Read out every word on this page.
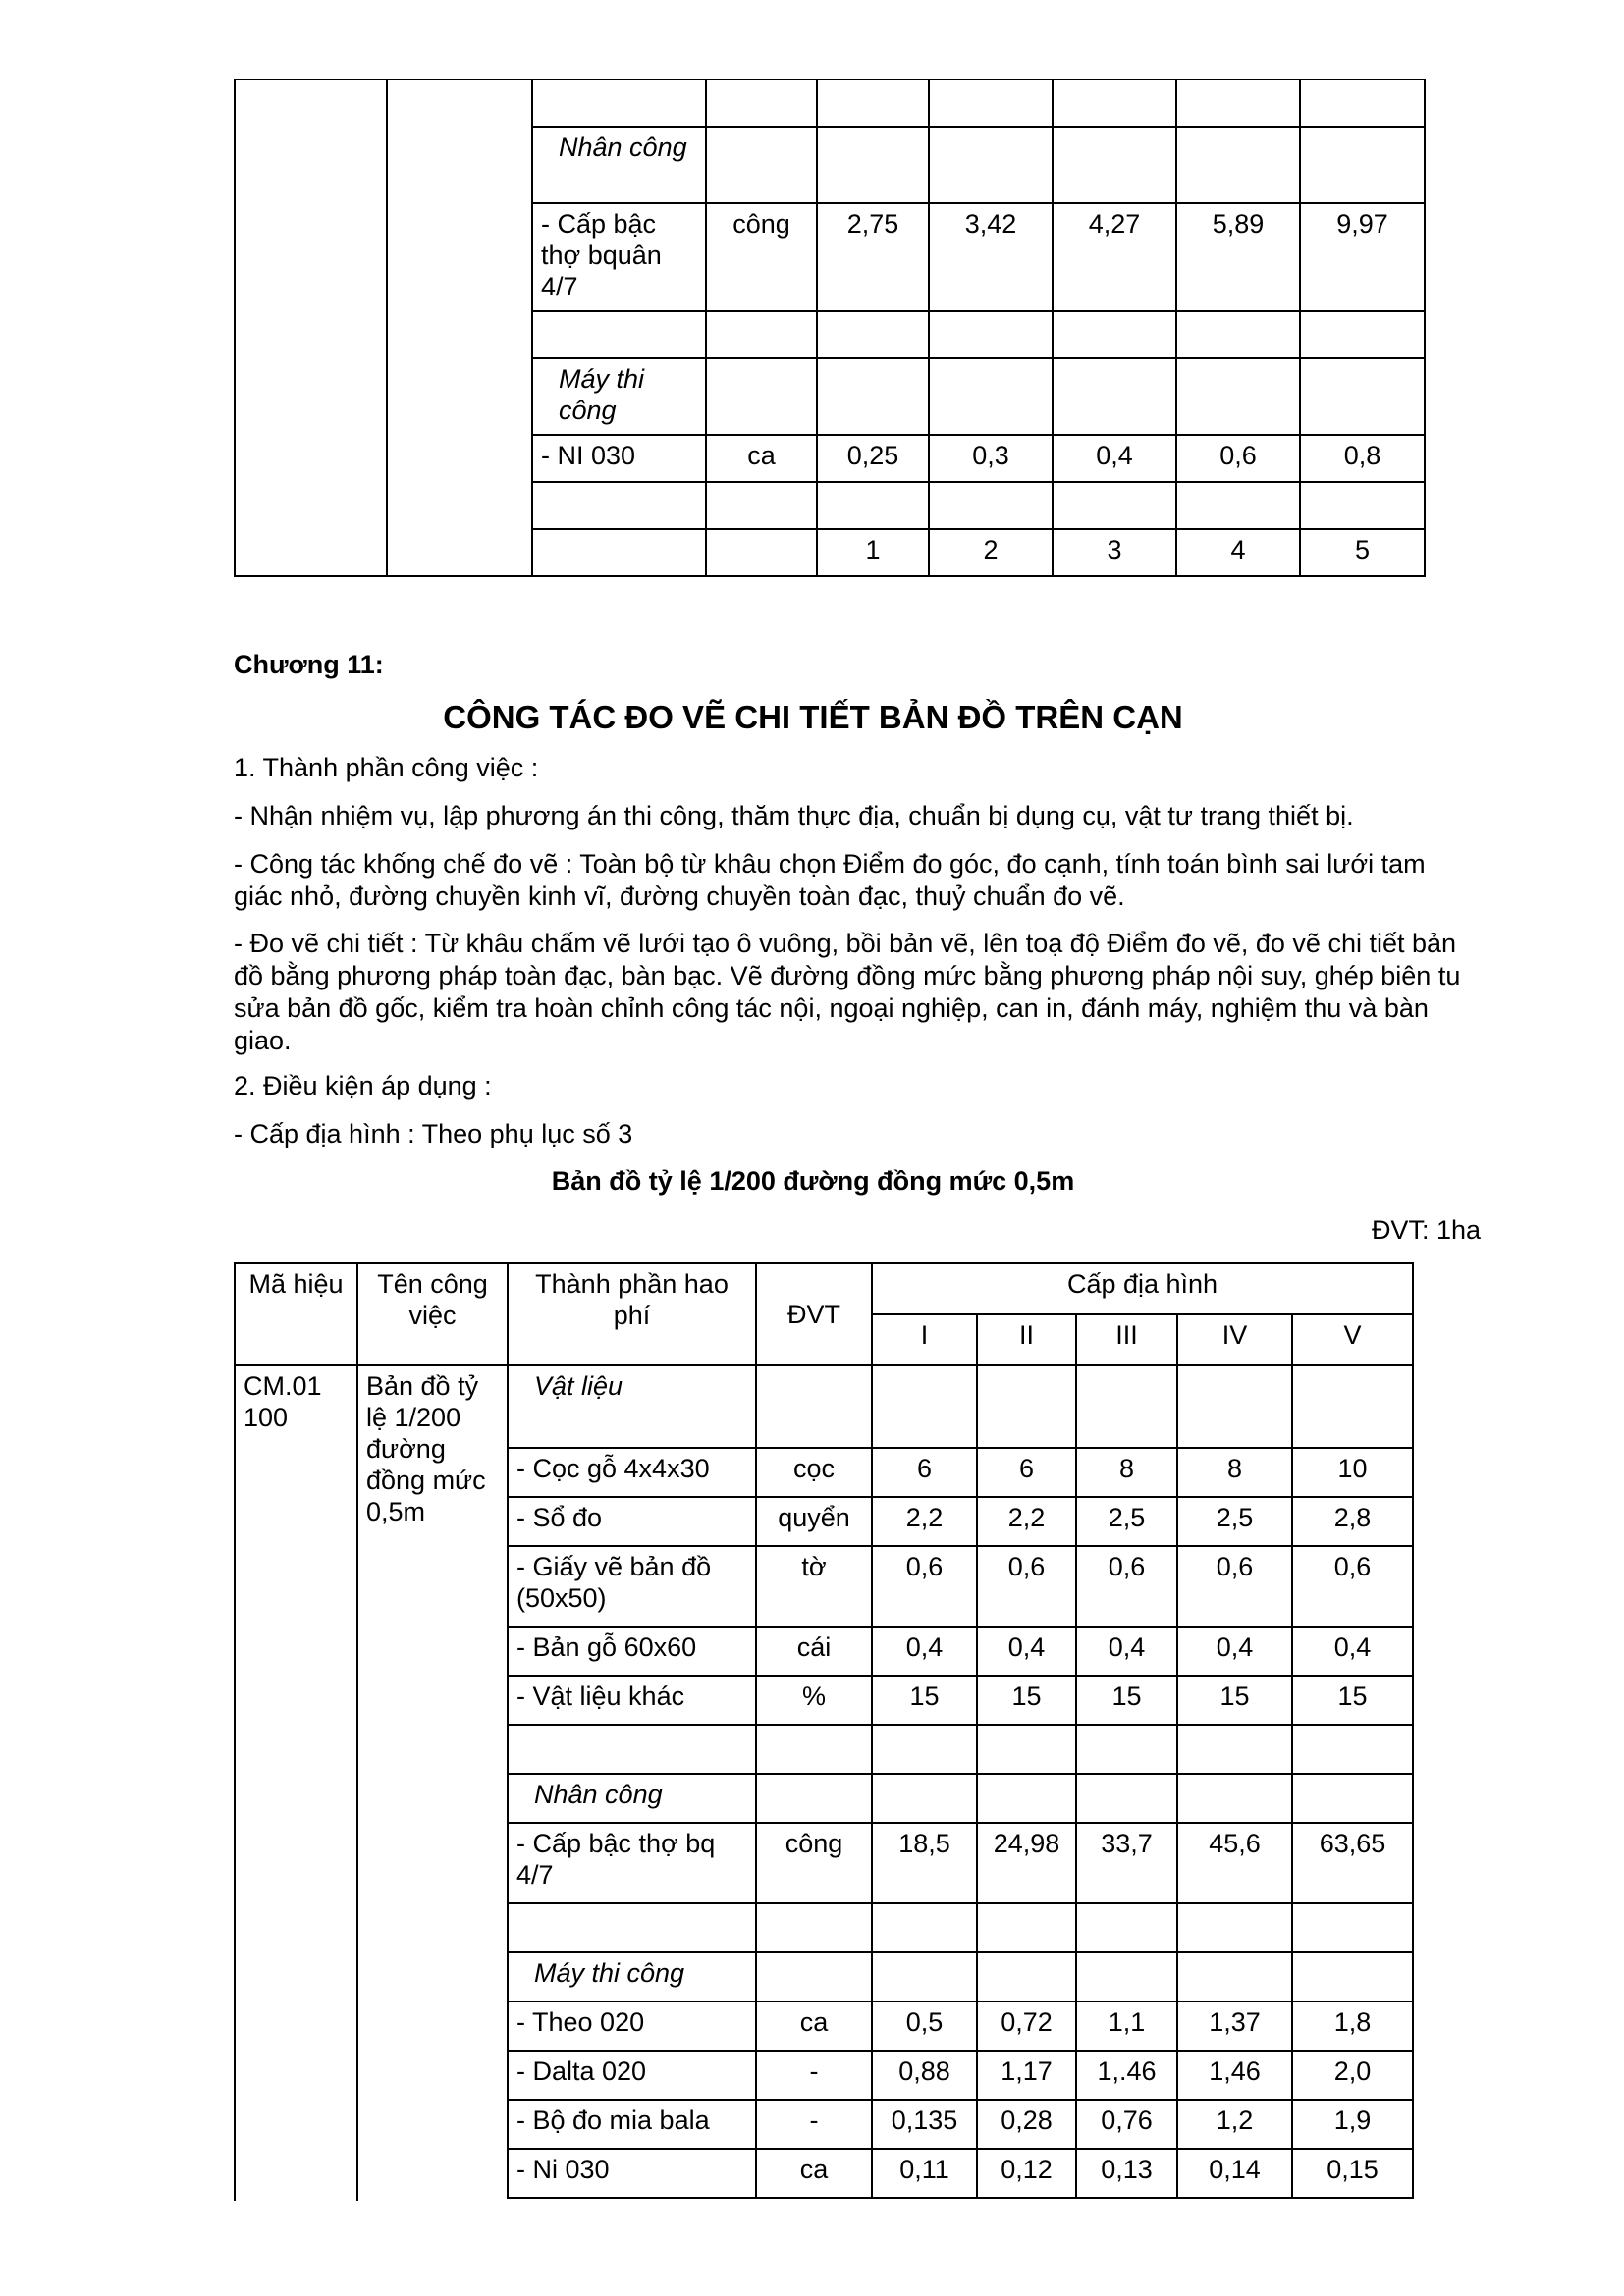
		Nhân công						
		- Cấp bậc thợ bquân 4/7	công	2,75	3,42	4,27	5,89	9,97

		Máy thi công						
		- NI 030	ca	0,25	0,3	0,4	0,6	0,8

				1	2	3	4	5
Chương 11:
CÔNG TÁC ĐO VẼ CHI TIẾT BẢN ĐỒ TRÊN CẠN
1. Thành phần công việc :
- Nhận nhiệm vụ, lập phương án thi công, thăm thực địa, chuẩn bị dụng cụ, vật tư trang thiết bị.
- Công tác khống chế đo vẽ : Toàn bộ từ khâu chọn Điểm đo góc, đo cạnh, tính toán bình sai lưới tam giác nhỏ, đường chuyền kinh vĩ, đường chuyền toàn đạc, thuỷ chuẩn đo vẽ.
- Đo vẽ chi tiết : Từ khâu chấm vẽ lưới tạo ô vuông, bồi bản vẽ, lên toạ độ Điểm đo vẽ, đo vẽ chi tiết bản đồ bằng phương pháp toàn đạc, bàn bạc. Vẽ đường đồng mức bằng phương pháp nội suy, ghép biên tu sửa bản đồ gốc, kiểm tra hoàn chỉnh công tác nội, ngoại nghiệp, can in, đánh máy, nghiệm thu và bàn giao.
2. Điều kiện áp dụng :
- Cấp địa hình : Theo phụ lục số 3
Bản đồ tỷ lệ 1/200 đường đồng mức 0,5m
ĐVT: 1ha
Mã hiệu	Tên công việc	Thành phần hao phí	ĐVT	Cấp địa hình				
				I	II	III	IV	V
CM.01 100	Bản đồ tỷ lệ 1/200 đường đồng mức 0,5m	Vật liệu						
		- Cọc gỗ 4x4x30	cọc	6	6	8	8	10
		- Sổ đo	quyển	2,2	2,2	2,5	2,5	2,8
		- Giấy vẽ bản đồ (50x50)	tờ	0,6	0,6	0,6	0,6	0,6
		- Bản gỗ 60x60	cái	0,4	0,4	0,4	0,4	0,4
		- Vật liệu khác	%	15	15	15	15	15

		Nhân công						
		- Cấp bậc thợ bq 4/7	công	18,5	24,98	33,7	45,6	63,65

		Máy thi công						
		- Theo 020	ca	0,5	0,72	1,1	1,37	1,8
		- Dalta 020	-	0,88	1,17	1,.46	1,46	2,0
		- Bộ đo mia bala	-	0,135	0,28	0,76	1,2	1,9
		- Ni 030	ca	0,11	0,12	0,13	0,14	0,15
